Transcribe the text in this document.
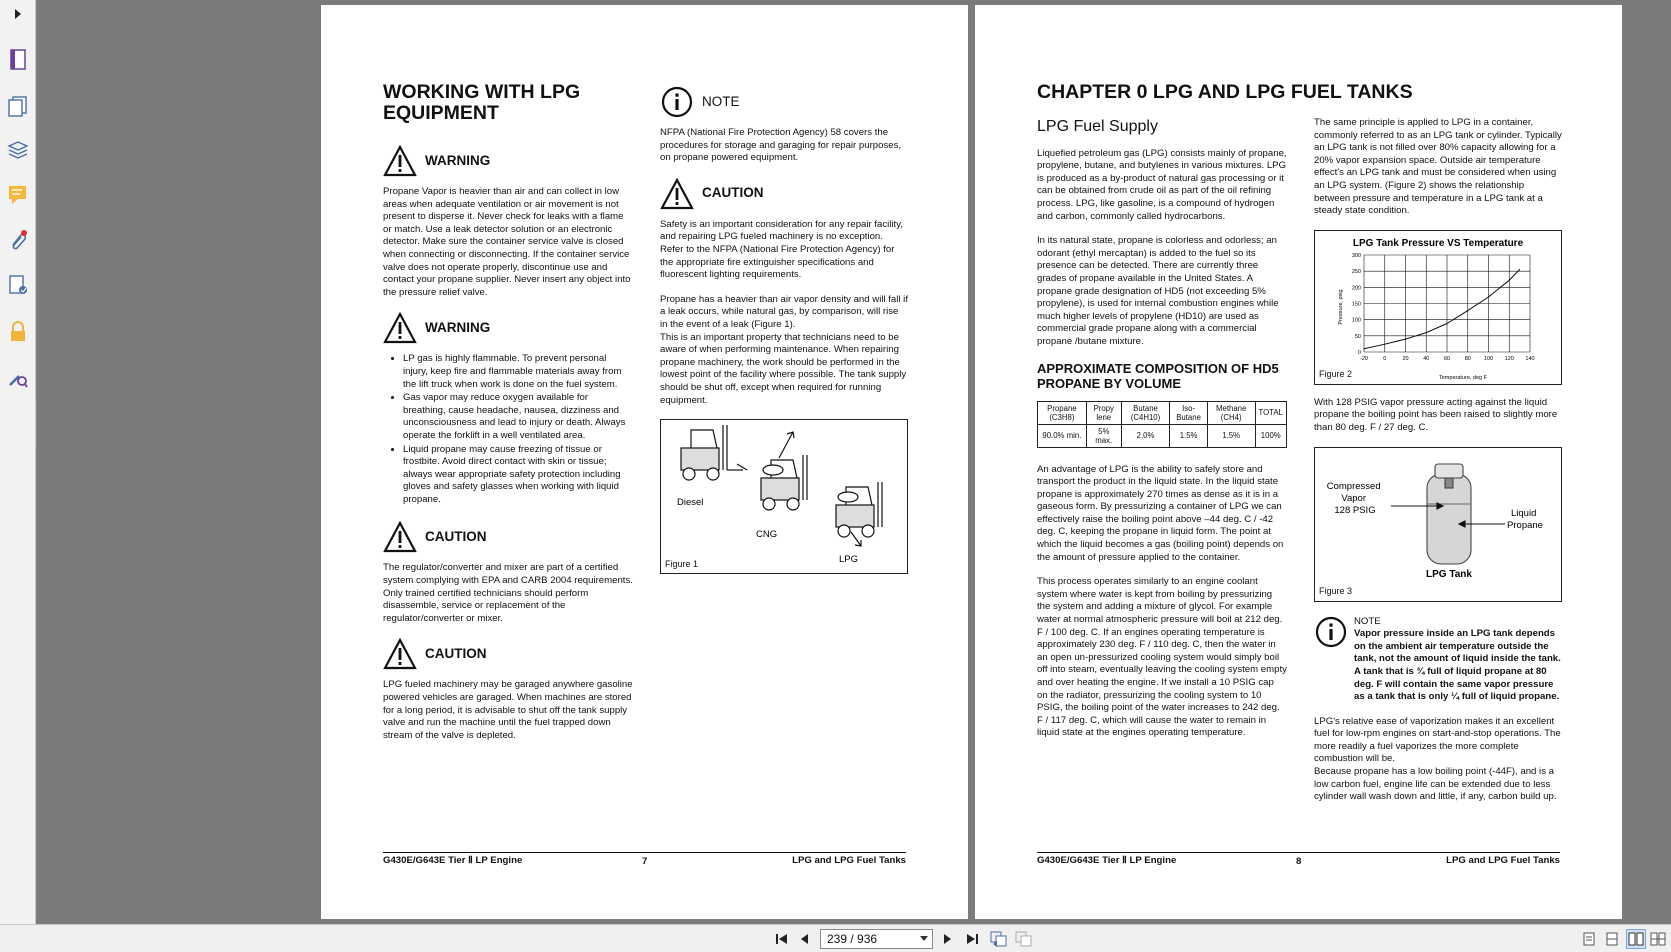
WORKING WITH LPG
EQUIPMENT
WARNING

Propane Vapor is heavier than air and can collect in low areas when adequate ventilation or air movement is not present to disperse it. Never check for leaks with a flame or match. Use a leak detector solution or an electronic detector. Make sure the container service valve is closed when connecting or disconnecting. If the container service valve does not operate properly, discontinue use and contact your propane supplier. Never insert any object into the pressure relief valve.

WARNING
• LP gas is highly flammable. To prevent personal injury, keep fire and flammable materials away from the lift truck when work is done on the fuel system.
• Gas vapor may reduce oxygen available for breathing, cause headache, nausea, dizziness and unconsciousness and lead to injury or death. Always operate the forklift in a well ventilated area.
• Liquid propane may cause freezing of tissue or frostbite. Avoid direct contact with skin or tissue; always wear appropriate safety protection including gloves and safety glasses when working with liquid propane.
CAUTION

The regulator/converter and mixer are part of a certified system complying with EPA and CARB 2004 requirements. Only trained certified technicians should perform disassemble, service or replacement of the regulator/converter or mixer.

CAUTION

LPG fueled machinery may be garaged anywhere gasoline powered vehicles are garaged. When machines are stored for a long period, it is advisable to shut off the tank supply valve and run the machine until the fuel trapped down stream of the valve is depleted.

NOTE

NFPA (National Fire Protection Agency) 58 covers the procedures for storage and garaging for repair purposes, on propane powered equipment.

CAUTION

Safety is an important consideration for any repair facility, and repairing LPG fueled machinery is no exception. Refer to the NFPA (National Fire Protection Agency) for the appropriate fire extinguisher specifications and fluorescent lighting requirements.

Propane has a heavier than air vapor density and will fall if a leak occurs, while natural gas, by comparison, will rise in the event of a leak (Figure 1).

This is an important property that technicians need to be aware of when performing maintenance. When repairing propane machinery, the work should be performed in the lowest point of the facility where possible. The tank supply should be shut off, except when required for running equipment.

Diesel
CNG
LPG
Figure 1
G430E/G643E Tier Ⅱ LP Engine	7	LPG and LPG Fuel Tanks
CHAPTER 0 LPG AND LPG FUEL TANKS
LPG Fuel Supply

Liquefied petroleum gas (LPG) consists mainly of propane, propylene, butane, and butylenes in various mixtures. LPG is produced as a by-product of natural gas processing or it can be obtained from crude oil as part of the oil refining process. LPG, like gasoline, is a compound of hydrogen and carbon, commonly called hydrocarbons.

In its natural state, propane is colorless and odorless; an odorant (ethyl mercaptan) is added to the fuel so its presence can be detected. There are currently three grades of propane available in the United States. A propane grade designation of HD5 (not exceeding 5% propylene), is used for internal combustion engines while much higher levels of propylene (HD10) are used as commercial grade propane along with a commercial propane /butane mixture.

APPROXIMATE COMPOSITION OF HD5 PROPANE BY VOLUME
Propane (C3H8)	Propy lene	Butane (C4H10)	Iso-Butane	Methane (CH4)	TOTAL
90.0% min.	5% max.	2.0%	1.5%	1.5%	100%

An advantage of LPG is the ability to safely store and transport the product in the liquid state. In the liquid state propane is approximately 270 times as dense as it is in a gaseous form. By pressurizing a container of LPG we can effectively raise the boiling point above –44 deg. C / -42 deg. C, keeping the propane in liquid form. The point at which the liquid becomes a gas (boiling point) depends on the amount of pressure applied to the container.

This process operates similarly to an engine coolant system where water is kept from boiling by pressurizing the system and adding a mixture of glycol. For example water at normal atmospheric pressure will boil at 212 deg. F / 100 deg. C. If an engines operating temperature is approximately 230 deg. F / 110 deg. C, then the water in an open un-pressurized cooling system would simply boil off into steam, eventually leaving the cooling system empty and over heating the engine. If we install a 10 PSIG cap on the radiator, pressurizing the cooling system to 10 PSIG, the boiling point of the water increases to 242 deg. F / 117 deg. C, which will cause the water to remain in liquid state at the engines operating temperature.

The same principle is applied to LPG in a container, commonly referred to as an LPG tank or cylinder. Typically an LPG tank is not filled over 80% capacity allowing for a 20% vapor expansion space. Outside air temperature effect's an LPG tank and must be considered when using an LPG system. (Figure 2) shows the relationship between pressure and temperature in a LPG tank at a steady state condition.

LPG Tank Pressure VS Temperature
-20	0	20	40	60	80 100 120 140
0
50
100
150
200
250
300
Temperature, deg F
Pressure, psig
Figure 2

With 128 PSIG vapor pressure acting against the liquid propane the boiling point has been raised to slightly more than 80 deg. F / 27 deg. C.

Compressed Vapor 128 PSIG	Liquid Propane
LPG Tank
Figure 3
NOTE
Vapor pressure inside an LPG tank depends on the ambient air temperature outside the tank, not the amount of liquid inside the tank. A tank that is ¾ full of liquid propane at 80 deg. F will contain the same vapor pressure as a tank that is only ¼ full of liquid propane.

LPG's relative ease of vaporization makes it an excellent fuel for low-rpm engines on start-and-stop operations. The more readily a fuel vaporizes the more complete combustion will be.

Because propane has a low boiling point (-44F), and is a low carbon fuel, engine life can be extended due to less cylinder wall wash down and little, if any, carbon build up.

G430E/G643E Tier Ⅱ LP Engine	8	LPG and LPG Fuel Tanks
239 / 936
